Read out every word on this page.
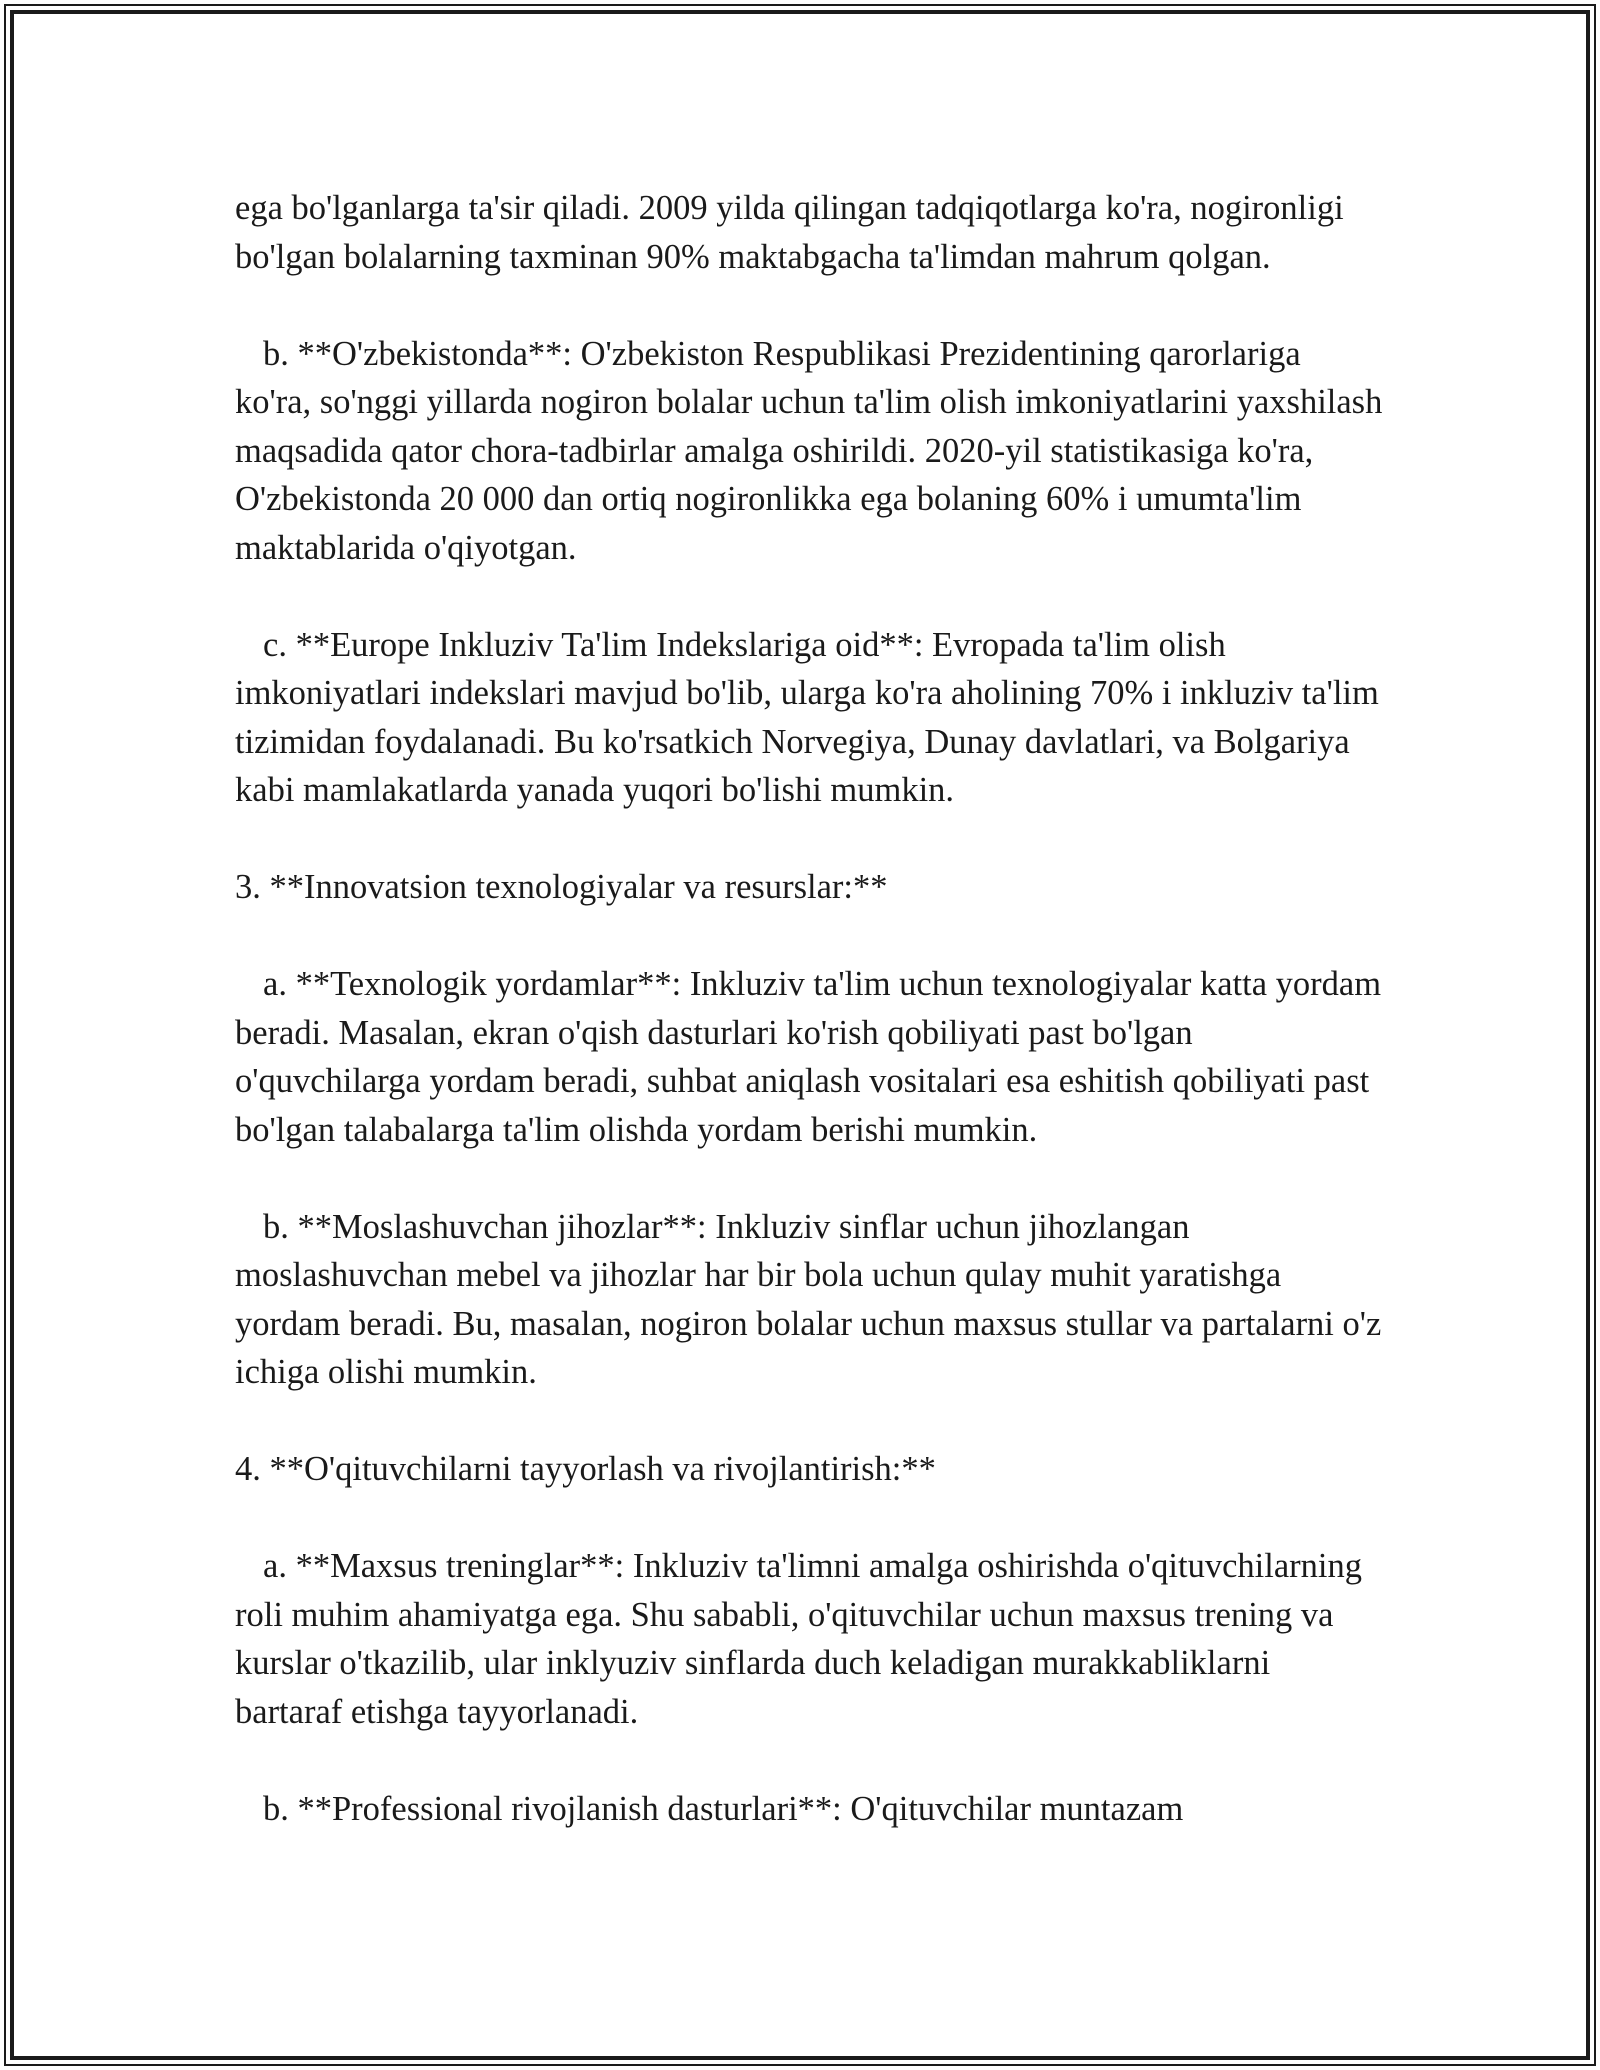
ega bo'lganlarga ta'sir qiladi. 2009 yilda qilingan tadqiqotlarga ko'ra, nogironligi bo'lgan bolalarning taxminan 90% maktabgacha ta'limdan mahrum qolgan.

b. **O'zbekistonda**: O'zbekiston Respublikasi Prezidentining qarorlariga ko'ra, so'nggi yillarda nogiron bolalar uchun ta'lim olish imkoniyatlarini yaxshilash maqsadida qator chora-tadbirlar amalga oshirildi. 2020-yil statistikasiga ko'ra, O'zbekistonda 20 000 dan ortiq nogironlikka ega bolaning 60% i umumta'lim maktablarida o'qiyotgan.

c. **Europe Inkluziv Ta'lim Indekslariga oid**: Evropada ta'lim olish imkoniyatlari indekslari mavjud bo'lib, ularga ko'ra aholining 70% i inkluziv ta'lim tizimidan foydalanadi. Bu ko'rsatkich Norvegiya, Dunay davlatlari, va Bolgariya kabi mamlakatlarda yanada yuqori bo'lishi mumkin.

3. **Innovatsion texnologiyalar va resurslar:**

a. **Texnologik yordamlar**: Inkluziv ta'lim uchun texnologiyalar katta yordam beradi. Masalan, ekran o'qish dasturlari ko'rish qobiliyati past bo'lgan o'quvchilarga yordam beradi, suhbat aniqlash vositalari esa eshitish qobiliyati past bo'lgan talabalarga ta'lim olishda yordam berishi mumkin.

b. **Moslashuvchan jihozlar**: Inkluziv sinflar uchun jihozlangan moslashuvchan mebel va jihozlar har bir bola uchun qulay muhit yaratishga yordam beradi. Bu, masalan, nogiron bolalar uchun maxsus stullar va partalarni o'z ichiga olishi mumkin.

4. **O'qituvchilarni tayyorlash va rivojlantirish:**

a. **Maxsus treninglar**: Inkluziv ta'limni amalga oshirishda o'qituvchilarning roli muhim ahamiyatga ega. Shu sababli, o'qituvchilar uchun maxsus trening va kurslar o'tkazilib, ular inklyuziv sinflarda duch keladigan murakkabliklarni bartaraf etishga tayyorlanadi.

b. **Professional rivojlanish dasturlari**: O'qituvchilar muntazam
